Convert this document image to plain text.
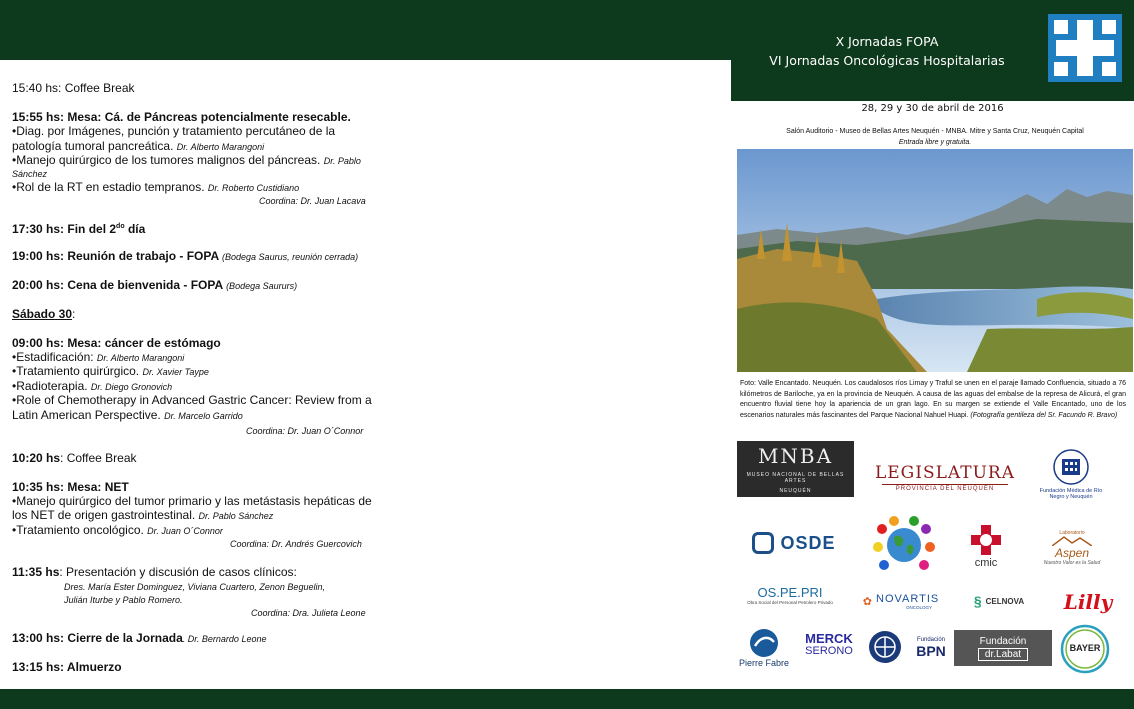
X Jornadas FOPA
VI Jornadas Oncológicas Hospitalarias
15:40 hs: Coffee Break
15:55 hs: Mesa: Cá. de Páncreas potencialmente resecable.
•Diag. por Imágenes, punción y tratamiento percutáneo de la
patología tumoral pancreática. Dr. Alberto Marangoni
•Manejo quirúrgico de los tumores malignos del páncreas. Dr. Pablo
Sánchez
•Rol de la RT en estadio tempranos. Dr. Roberto Custidiano
Coordina: Dr. Juan Lacava
17:30 hs: Fin del $2^{do}$ día
19:00 hs: Reunión de trabajo - FOPA (Bodega Saurus, reunión cerrada)
20:00 hs: Cena de bienvenida - FOPA (Bodega Saururs)
Sábado 30:
09:00 hs: Mesa: cáncer de estómago
•Estadificación: Dr. Alberto Marangoni
•Tratamiento quirúrgico. Dr. Xavier Taype
•Radioterapia. Dr. Diego Gronovich
•Role of Chemotherapy in Advanced Gastric Cancer: Review from a
Latin American Perspective. Dr. Marcelo Garrido
Coordina: Dr. Juan O´Connor
10:20 hs: Coffee Break
10:35 hs: Mesa: NET
•Manejo quirúrgico del tumor primario y las metástasis hepáticas de
los NET de origen gastrointestinal. Dr. Pablo Sánchez
•Tratamiento oncológico. Dr. Juan O´Connor
Coordina: Dr. Andrés Guercovich
11:35 hs: Presentación y discusión de casos clínicos:
Dres. María Ester Dominguez, Viviana Cuartero, Zenon Beguelin,
Julián Iturbe y Pablo Romero.
Coordina: Dra. Julieta Leone
13:00 hs: Cierre de la Jornada. Dr. Bernardo Leone
13:15 hs: Almuerzo
28, 29 y 30 de abril de 2016
Salón Auditorio - Museo de Bellas Artes Neuquén - MNBA. Mitre y Santa Cruz, Neuquén Capital
Entrada libre y gratuita.
Foto: Valle Encantado. Neuquén. Los caudalosos ríos Limay y Traful se unen en el paraje llamado Confluencia, situado a 76 kilómetros de Bariloche, ya en la provincia de Neuquén. A causa de las aguas del embalse de la represa de Alicurá, el gran encuentro fluvial tiene hoy la apariencia de un gran lago. En su margen se extiende el Valle Encantado, uno de los escenarios naturales más fascinantes del Parque Nacional Nahuel Huapi. (Fotografía gentileza del Sr. Facundo R. Bravo)
MNBA
MUSEO NACIONAL DE BELLAS ARTES
NEUQUÉN
LEGISLATURA
PROVINCIA DEL NEUQUÉN	Fundación Médica de Río Negro y Neuquén
OSDE
cmic
Laboratorio
Aspen
Nuestro Valor es la Salud
OS.PE.PRI
Obra Social del Personal Petrolero Privado	✿ NOVARTIS
ONCOLOGY	§ CELNOVA Lilly
Pierre Fabre
MERCK
SERONO
Fundación
BPN
Fundación
dr.Labat
BAYER
